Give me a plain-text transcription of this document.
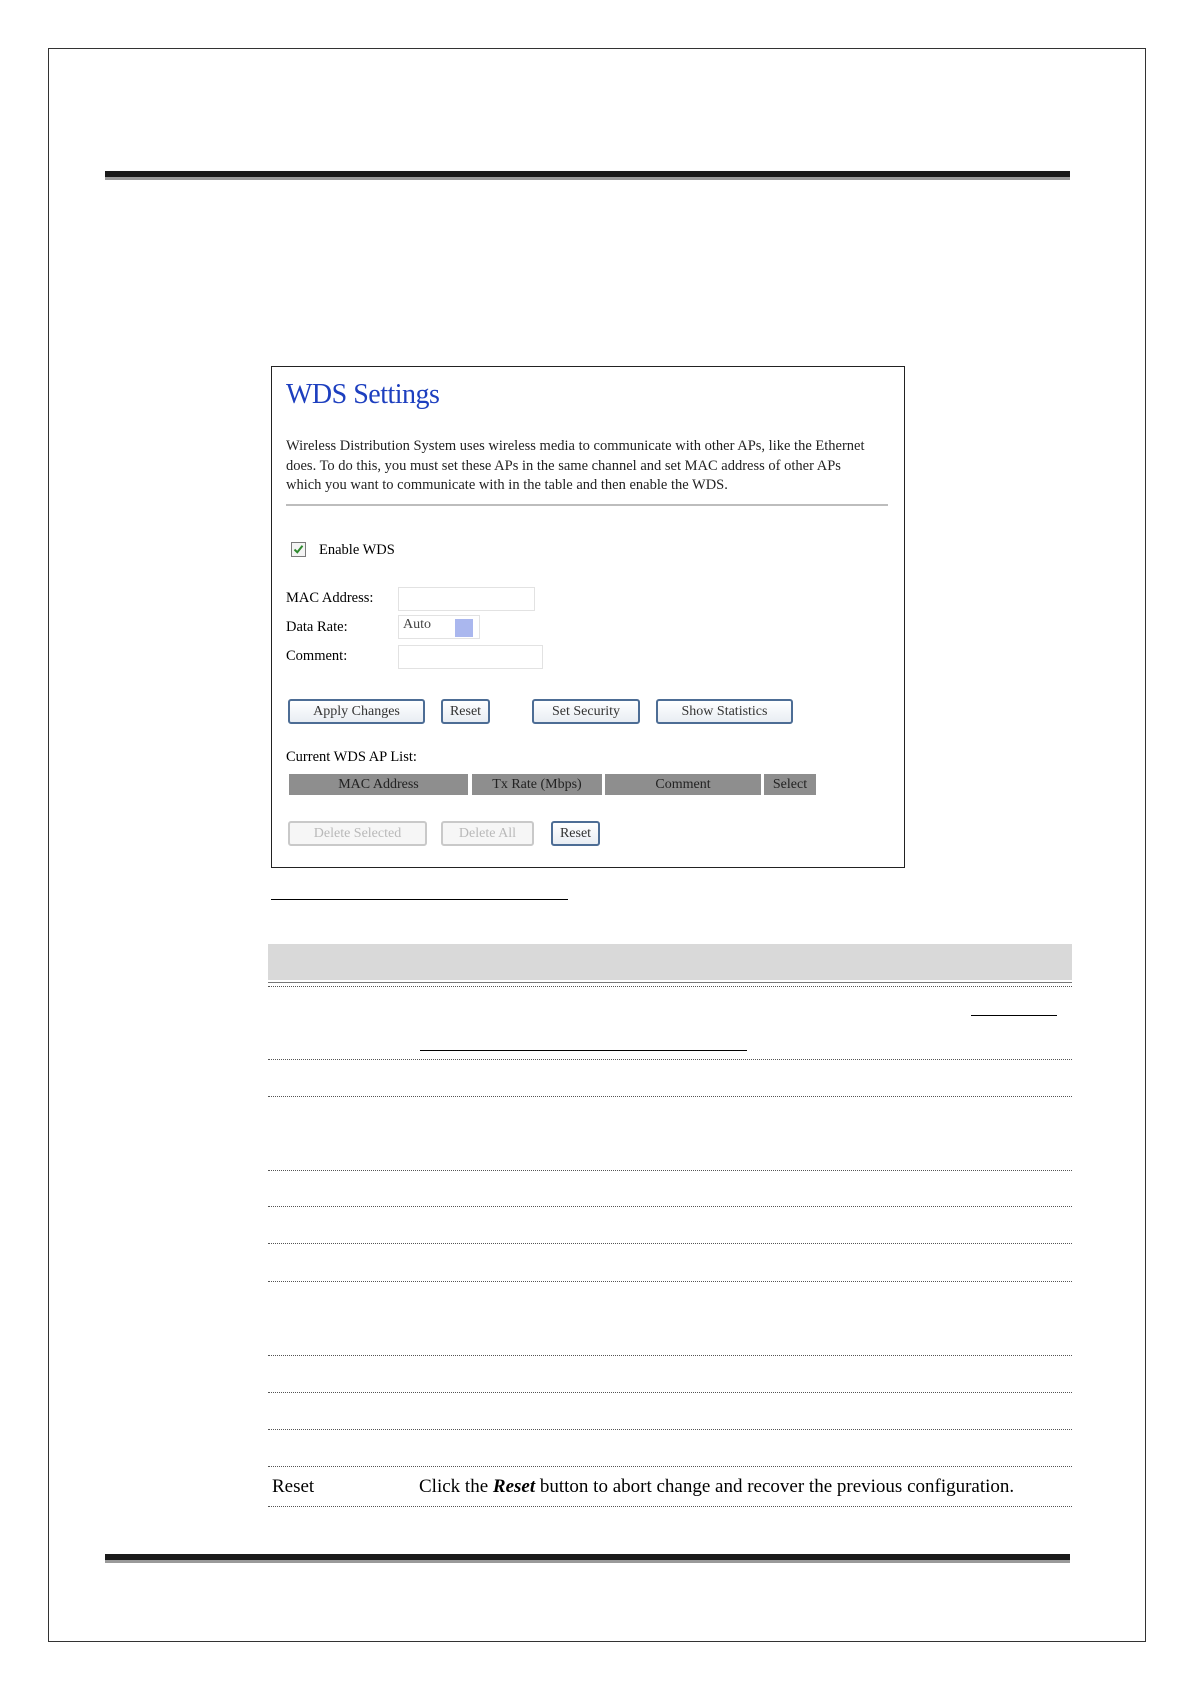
WDS Settings
Wireless Distribution System uses wireless media to communicate with other APs, like the Ethernet does. To do this, you must set these APs in the same channel and set MAC address of other APs which you want to communicate with in the table and then enable the WDS.
Enable WDS
MAC Address:
Data Rate:	Auto
Comment:
Apply Changes	Reset	Set Security	Show Statistics
Current WDS AP List:
MAC Address	Tx Rate (Mbps)	Comment	Select
Delete Selected	Delete All	Reset
Reset	Click the Reset button to abort change and recover the previous configuration.
